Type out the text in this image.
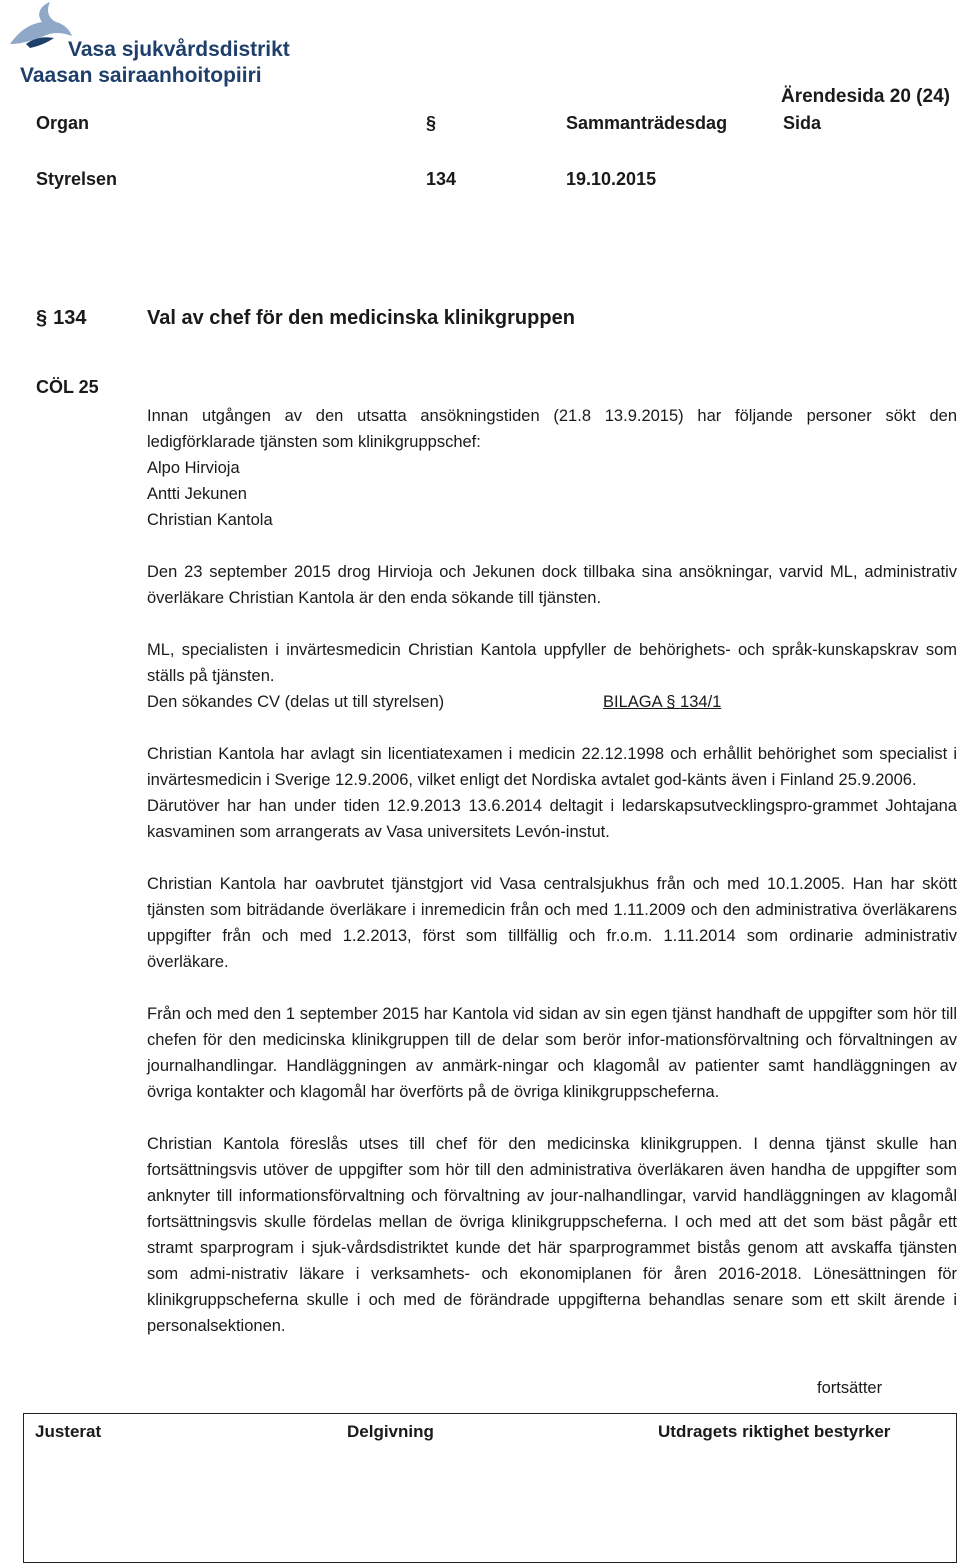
Vasa sjukvårdsdistrikt
Vaasan sairaanhoitopiiri
Ärendesida 20 (24)
Organ	§	Sammanträdesdag	Sida
Styrelsen	134	19.10.2015
§ 134	Val av chef för den medicinska klinikgruppen
CÖL 25

Innan utgången av den utsatta ansökningstiden (21.8 13.9.2015) har följande personer sökt den ledigförklarade tjänsten som klinikgruppschef:

Alpo Hirvioja
Antti Jekunen
Christian Kantola

Den 23 september 2015 drog Hirvioja och Jekunen dock tillbaka sina ansökningar, varvid ML, administrativ överläkare Christian Kantola är den enda sökande till tjänsten.

ML, specialisten i invärtesmedicin Christian Kantola uppfyller de behörighets- och språk-kunskapskrav som ställs på tjänsten.

Den sökandes CV (delas ut till styrelsen)	BILAGA § 134/1

Christian Kantola har avlagt sin licentiatexamen i medicin 22.12.1998 och erhållit behörighet som specialist i invärtesmedicin i Sverige 12.9.2006, vilket enligt det Nordiska avtalet god-känts även i Finland 25.9.2006.

Därutöver har han under tiden 12.9.2013 13.6.2014 deltagit i ledarskapsutvecklingspro-grammet Johtajana kasvaminen som arrangerats av Vasa universitets Levón-instut.

Christian Kantola har oavbrutet tjänstgjort vid Vasa centralsjukhus från och med 10.1.2005. Han har skött tjänsten som biträdande överläkare i inremedicin från och med 1.11.2009 och den administrativa överläkarens uppgifter från och med 1.2.2013, först som tillfällig och fr.o.m. 1.11.2014 som ordinarie administrativ överläkare.

Från och med den 1 september 2015 har Kantola vid sidan av sin egen tjänst handhaft de uppgifter som hör till chefen för den medicinska klinikgruppen till de delar som berör infor-mationsförvaltning och förvaltningen av journalhandlingar. Handläggningen av anmärk-ningar och klagomål av patienter samt handläggningen av övriga kontakter och klagomål har överförts på de övriga klinikgruppscheferna.

Christian Kantola föreslås utses till chef för den medicinska klinikgruppen. I denna tjänst skulle han fortsättningsvis utöver de uppgifter som hör till den administrativa överläkaren även handha de uppgifter som anknyter till informationsförvaltning och förvaltning av jour-nalhandlingar, varvid handläggningen av klagomål fortsättningsvis skulle fördelas mellan de övriga klinikgruppscheferna. I och med att det som bäst pågår ett stramt sparprogram i sjuk-vårdsdistriktet kunde det här sparprogrammet bistås genom att avskaffa tjänsten som admi-nistrativ läkare i verksamhets- och ekonomiplanen för åren 2016-2018. Lönesättningen för klinikgruppscheferna skulle i och med de förändrade uppgifterna behandlas senare som ett skilt ärende i personalsektionen.

fortsätter
Justerat	Delgivning	Utdragets riktighet bestyrker
